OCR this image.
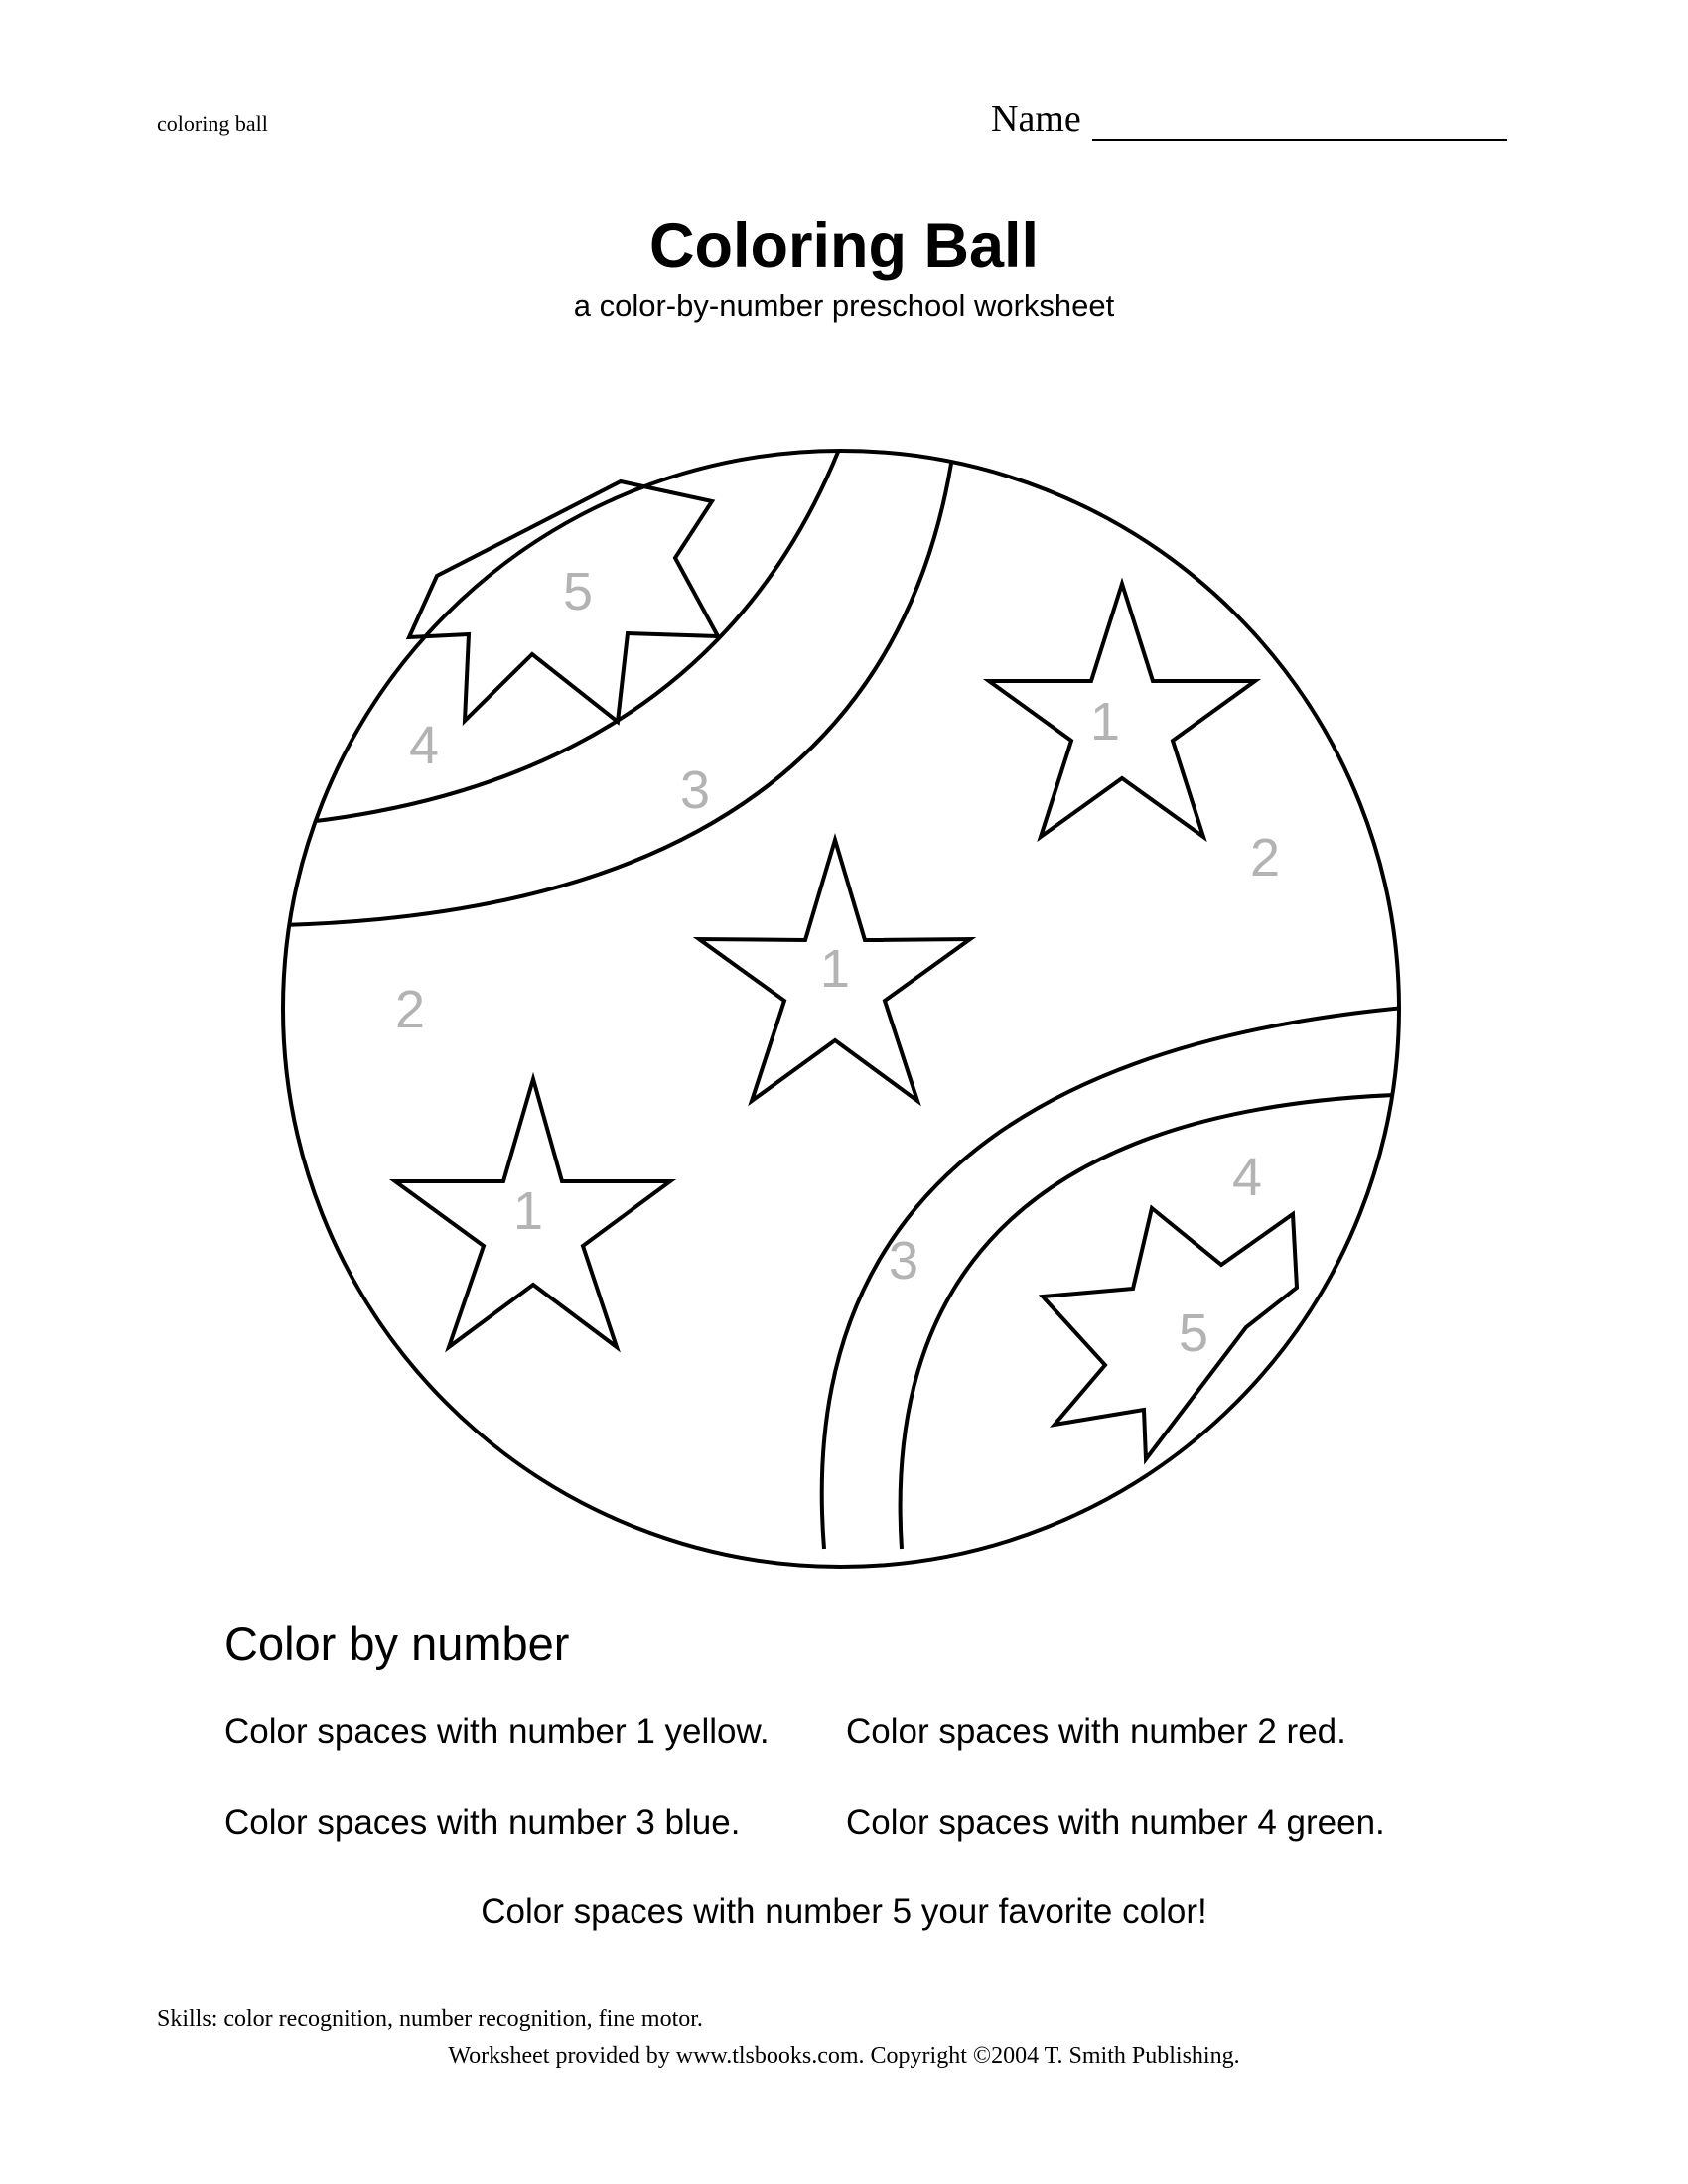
coloring ball	Name
Coloring Ball
a color-by-number preschool worksheet
5
4
3
1
2
1
2
1
4
3
5
Color by number
Color spaces with number 1 yellow. Color spaces with number 2 red.
Color spaces with number 3 blue.	Color spaces with number 4 green.
Color spaces with number 5 your favorite color!
Skills: color recognition, number recognition, fine motor.
Worksheet provided by www.tlsbooks.com. Copyright ©2004 T. Smith Publishing.
